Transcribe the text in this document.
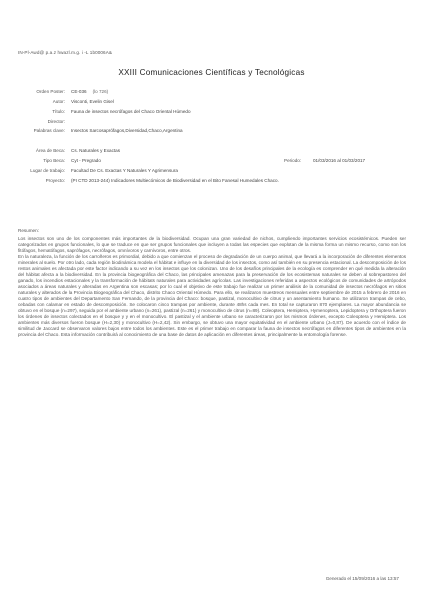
IN-Pl-Awd@ p.a.z hwazl.m.g. i -L 1b0006A&
XXIII Comunicaciones Científicas y Tecnológicas
Orden Poster: CE-036 (lo 726)
Autor: Visconti, Evelin Gisel
Título: Fauna de insectos necrófagos del Chaco Oriental Húmedo
Director:
Palabras clave: Insectos Sarcosaprófagos,Diversidad,Chaco,Argentina
Área de Beca: Cs. Naturales y Exactas
Tipo Beca: Cyt - Pregrado	Periodo:	01/03/2016 al 01/03/2017
Lugar de trabajo: Facultad De Cs. Exactas Y Naturales Y Agrimensura
Proyecto: (PI CTD 2013-244) Indicadores Multiecómicos de Biodiversidad en el Bito Fanesal Humedales Chaco.
Resumen:

Los insectos son uno de los componentes más importantes de la biodiversidad. Ocupan una gran variedad de nichos, cumpliendo importantes servicios ecosistémicos. Pueden ser categorizados en grupos funcionales, lo que se traduce en que ser grupos funcionales que incluyen a todas las especies que explotan de la misma forma un mismo recurso, como son los fitófagos, hematófagos, saprófagos, necrófagos, omnívoros y carnívoros, entre otros.

En la naturaleza, la función de los carroñeros es primordial, debido a que comienzan el proceso de degradación de un cuerpo animal, que llevará a la incorporación de diferentes elementos minerales al suelo. Por otro lado, cada región biodinámica modela el hábitat e influye en la diversidad de los insectos, como así también en su presencia estacional. La descomposición de los restos animales es afectada por este factor indicando a su vez en los insectos que los colonizan. Uno de los desafíos principales de la ecología es comprender en qué medida la alteración del hábitat afecta a la biodiversidad. En la provincia biogeográfica del Chaco, las principales amenazas para la preservación de los ecosistemas naturales se deben al sobrepastoreo del ganado, los incendios estacionales y la transformación de hábitats naturales para actividades agrícolas. Las investigaciones referidas a aspectos ecológicos de comunidades de artrópodos asociados a áreas naturales y alteradas en Argentina son escasas; por lo cual el objetivo de este trabajo fue realizar un primer análisis de la comunidad de insectos necrófagos en sitios naturales y alterados de la Provincia Biogeográfica del Chaco, distrito Chaco Oriental Húmedo. Para ello, se realizaron muestreos mensuales entre septiembre de 2015 a febrero de 2016 en cuatro tipos de ambientes del Departamento San Fernando, de la provincia del Chaco: bosque, pastizal, monocultivo de citrus y un asentamiento humano. Se utilizaron trampas de cebo, cebadas con calamar en estado de descomposición. Se colocaron cinco trampas por ambiente, durante 48hs cada mes. En total se capturaron 870 ejemplares. La mayor abundancia se obtuvo en el bosque (n=297), seguida por el ambiente urbano (n=261), pastizal (n=261) y monocultivo de citrus (n=89). Coleoptera, Hemiptera, Hymenoptera, Lepidoptera y Orthoptera fueron los órdenes de insectos colectados en el bosque y y en el monocultivo. El pastizal y el ambiente urbano se caracterizaron por los mismos órdenes, excepto Coleoptera y Hemiptera. Los ambientes más diversos fueron bosque (H=2,30) y monocultivo (H=2,42). Sin embargo, se obtuvo una mayor equitatividad en el ambiente urbano (J=0,87). De acuerdo con el índice de similitud de Jaccard se observaron valores bajos entre todos los ambientes. Este es el primer trabajo en comparar la fauna de insectos necrófagos en diferentes tipos de ambientes en la provincia del Chaco. Esta información contribuirá al conocimiento de una base de datos de aplicación en diferentes áreas, principalmente la entomología forense.

Generado el 15/09/2016 a las 13:57
